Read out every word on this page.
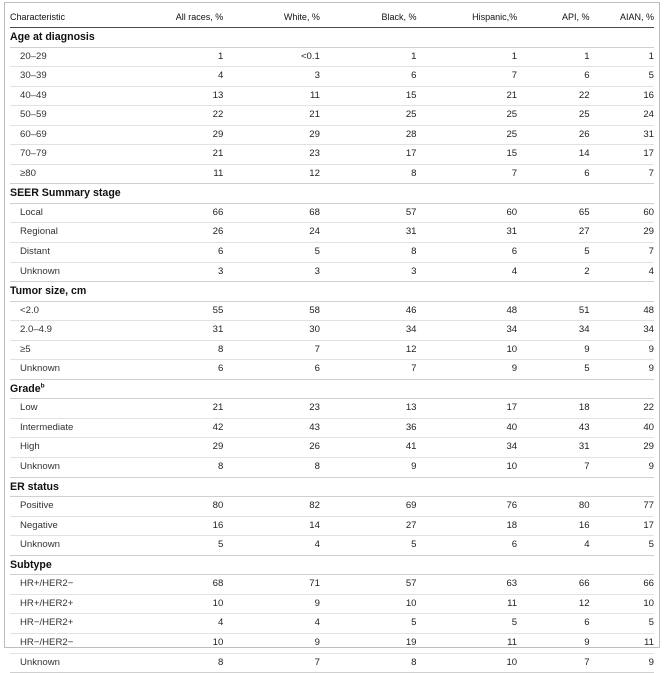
Characteristic	All races, %	White, %	Black, %	Hispanic,%	API, %	AIAN, %
Age at diagnosis						
20–29	1	<0.1	1	1	1	1
30–39	4	3	6	7	6	5
40–49	13	11	15	21	22	16
50–59	22	21	25	25	25	24
60–69	29	29	28	25	26	31
70–79	21	23	17	15	14	17
≥80	11	12	8	7	6	7
SEER Summary stage						
Local	66	68	57	60	65	60
Regional	26	24	31	31	27	29
Distant	6	5	8	6	5	7
Unknown	3	3	3	4	2	4
Tumor size, cm						
<2.0	55	58	46	48	51	48
2.0–4.9	31	30	34	34	34	34
≥5	8	7	12	10	9	9
Unknown	6	6	7	9	5	9
Grade$^b$
Low	21	23	13	17	18	22
Intermediate	42	43	36	40	43	40
High	29	26	41	34	31	29
Unknown	8	8	9	10	7	9
ER status						
Positive	80	82	69	76	80	77
Negative	16	14	27	18	16	17
Unknown	5	4	5	6	4	5
Subtype						
HR+/HER2−	68	71	57	63	66	66
HR+/HER2+	10	9	10	11	12	10
HR−/HER2+	4	4	5	5	6	5
HR−/HER2−	10	9	19	11	9	11
Unknown	8	7	8	10	7	9
